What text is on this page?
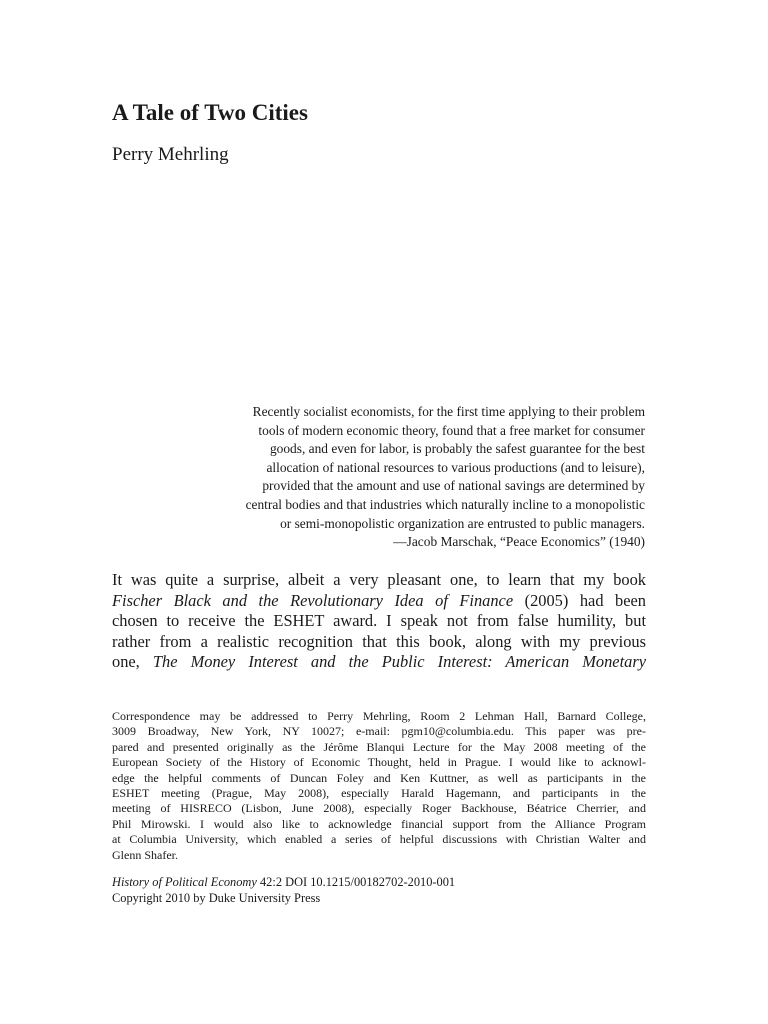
A Tale of Two Cities
Perry Mehrling
Recently socialist economists, for the first time applying to their problem
tools of modern economic theory, found that a free market for consumer
goods, and even for labor, is probably the safest guarantee for the best
allocation of national resources to various productions (and to leisure),
provided that the amount and use of national savings are determined by
central bodies and that industries which naturally incline to a monopolistic
or semi-monopolistic organization are entrusted to public managers.
—Jacob Marschak, “Peace Economics” (1940)
It was quite a surprise, albeit a very pleasant one, to learn that my book
Fischer Black and the Revolutionary Idea of Finance (2005) had been
chosen to receive the ESHET award. I speak not from false humility, but
rather from a realistic recognition that this book, along with my previous
one, The Money Interest and the Public Interest: American Monetary
Correspondence may be addressed to Perry Mehrling, Room 2 Lehman Hall, Barnard College,
3009 Broadway, New York, NY 10027; e-mail: pgm10@columbia.edu. This paper was pre-
pared and presented originally as the Jérôme Blanqui Lecture for the May 2008 meeting of the
European Society of the History of Economic Thought, held in Prague. I would like to acknowl-
edge the helpful comments of Duncan Foley and Ken Kuttner, as well as participants in the
ESHET meeting (Prague, May 2008), especially Harald Hagemann, and participants in the
meeting of HISRECO (Lisbon, June 2008), especially Roger Backhouse, Béatrice Cherrier, and
Phil Mirowski. I would also like to acknowledge financial support from the Alliance Program
at Columbia University, which enabled a series of helpful discussions with Christian Walter and
Glenn Shafer.
History of Political Economy 42:2 DOI 10.1215/00182702-2010-001
Copyright 2010 by Duke University Press
